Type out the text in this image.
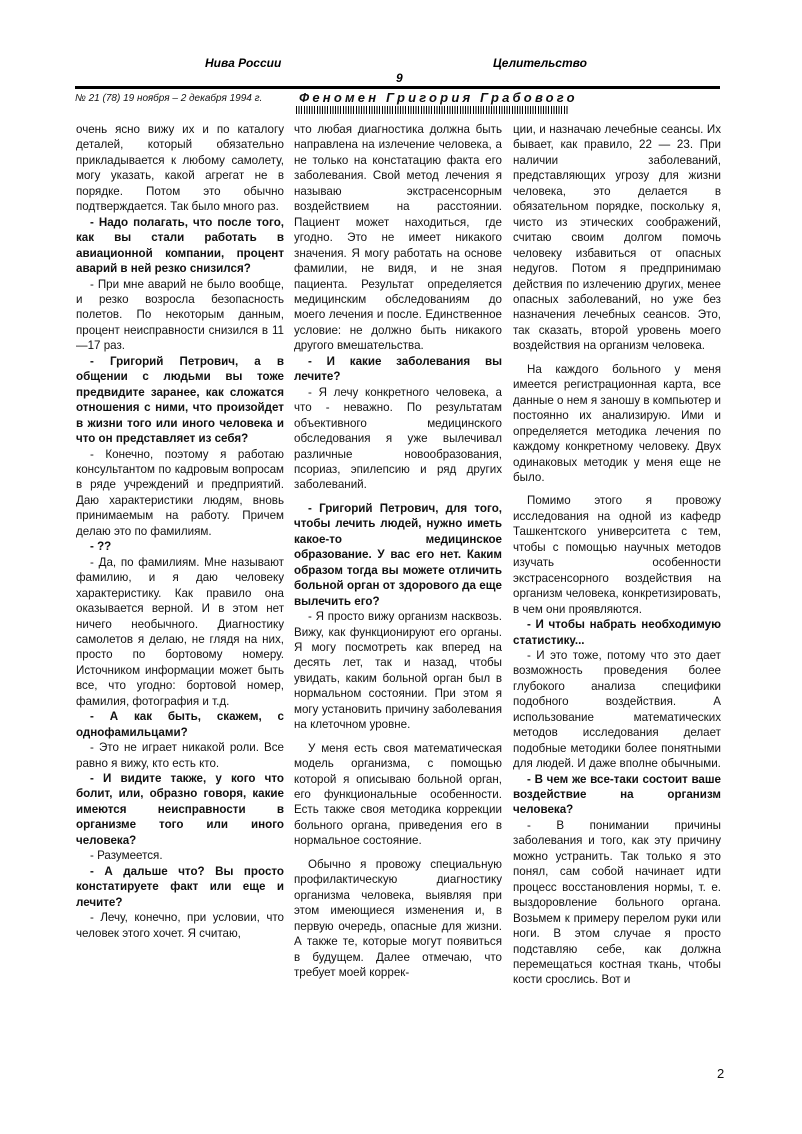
Нива России	Целительство
9
№ 21 (78) 19 ноября – 2 декабря 1994 г.	Феномен Григория Грабового

очень ясно вижу их и по каталогу деталей, который обязательно прикладывается к любому самолету, могу указать, какой агрегат не в порядке. Потом это обычно подтверждается. Так было много раз.

- Надо полагать, что после того, как вы стали работать в авиационной компании, процент аварий в ней резко снизился?

- При мне аварий не было вообще, и резко возросла безопасность полетов. По некоторым данным, процент неисправности снизился в 11—17 раз.

- Григорий Петрович, а в общении с людьми вы тоже предвидите заранее, как сложатся отношения с ними, что произойдет в жизни того или иного человека и что он представляет из себя?

- Конечно, поэтому я работаю консультантом по кадровым вопросам в ряде учреждений и предприятий. Даю характеристики людям, вновь принимаемым на работу. Причем делаю это по фамилиям.

- ??

- Да, по фамилиям. Мне называют фамилию, и я даю человеку характеристику. Как правило она оказывается верной. И в этом нет ничего необычного. Диагностику самолетов я делаю, не глядя на них, просто по бортовому номеру. Источником информации может быть все, что угодно: бортовой номер, фамилия, фотография и т.д.

- А как быть, скажем, с однофамильцами?

- Это не играет никакой роли. Все равно я вижу, кто есть кто.

- И видите также, у кого что болит, или, образно говоря, какие имеются неисправности в организме того или иного человека?

- Разумеется.

- А дальше что? Вы просто констатируете факт или еще и лечите?

- Лечу, конечно, при условии, что человек этого хочет. Я считаю,

что любая диагностика должна быть направлена на излечение человека, а не только на констатацию факта его заболевания. Свой метод лечения я называю экстрасенсорным воздействием на расстоянии. Пациент может находиться, где угодно. Это не имеет никакого значения. Я могу работать на основе фамилии, не видя, и не зная пациента. Результат определяется медицинским обследованиям до моего лечения и после. Единственное условие: не должно быть никакого другого вмешательства.

- И какие заболевания вы лечите?

- Я лечу конкретного человека, а что - неважно. По результатам объективного медицинского обследования я уже вылечивал различные новообразования, псориаз, эпилепсию и ряд других заболеваний.

- Григорий Петрович, для того, чтобы лечить людей, нужно иметь какое-то медицинское образование. У вас его нет. Каким образом тогда вы можете отличить больной орган от здорового да еще вылечить его?

- Я просто вижу организм насквозь. Вижу, как функционируют его органы. Я могу посмотреть как вперед на десять лет, так и назад, чтобы увидать, каким больной орган был в нормальном состоянии. При этом я могу установить причину заболевания на клеточном уровне.

У меня есть своя математическая модель организма, с помощью которой я описываю больной орган, его функциональные особенности. Есть также своя методика коррекции больного органа, приведения его в нормальное состояние.

Обычно я провожу специальную профилактическую диагностику организма человека, выявляя при этом имеющиеся изменения и, в первую очередь, опасные для жизни. А также те, которые могут появиться в будущем. Далее отмечаю, что требует моей коррек-

ции, и назначаю лечебные сеансы. Их бывает, как правило, 22 — 23. При наличии заболеваний, представляющих угрозу для жизни человека, это делается в обязательном порядке, поскольку я, чисто из этических соображений, считаю своим долгом помочь человеку избавиться от опасных недугов. Потом я предпринимаю действия по излечению других, менее опасных заболеваний, но уже без назначения лечебных сеансов. Это, так сказать, второй уровень моего воздействия на организм человека.

На каждого больного у меня имеется регистрационная карта, все данные о нем я заношу в компьютер и постоянно их анализирую. Ими и определяется методика лечения по каждому конкретному человеку. Двух одинаковых методик у меня еще не было.

Помимо этого я провожу исследования на одной из кафедр Ташкентского университета с тем, чтобы с помощью научных методов изучать особенности экстрасенсорного воздействия на организм человека, конкретизировать, в чем они проявляются.

- И чтобы набрать необходимую статистику...

- И это тоже, потому что это дает возможность проведения более глубокого анализа специфики подобного воздействия. А использование математических методов исследования делает подобные методики более понятными для людей. И даже вполне обычными.

- В чем же все-таки состоит ваше воздействие на организм человека?

- В понимании причины заболевания и того, как эту причину можно устранить. Так только я это понял, сам собой начинает идти процесс восстановления нормы, т. е. выздоровление больного органа. Возьмем к примеру перелом руки или ноги. В этом случае я просто подставляю себе, как должна перемещаться костная ткань, чтобы кости срослись. Вот и

2
